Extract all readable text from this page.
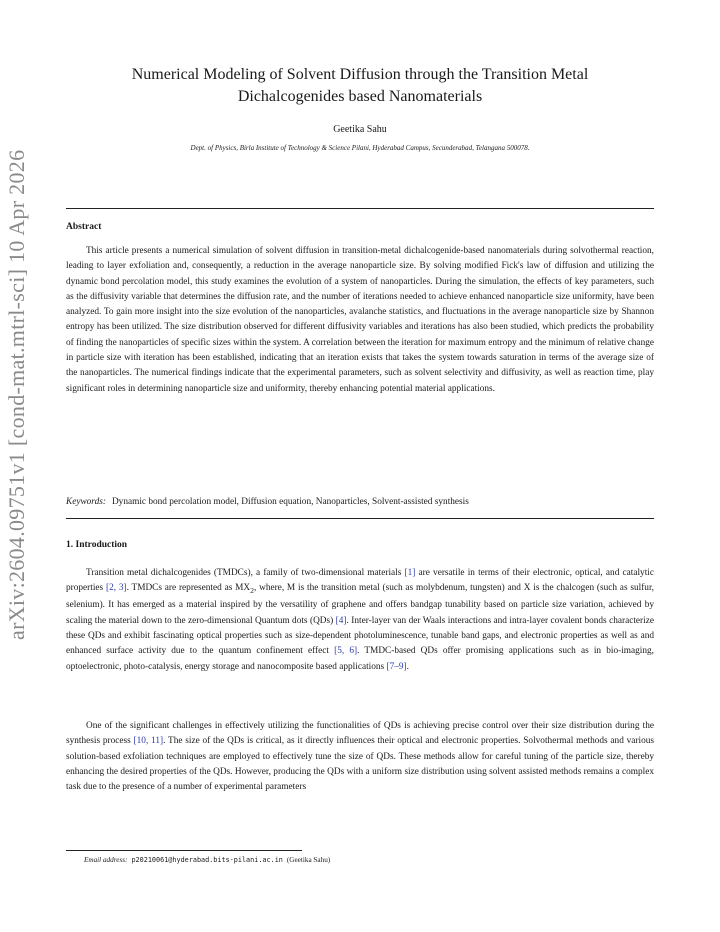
arXiv:2604.09751v1 [cond-mat.mtrl-sci] 10 Apr 2026
Numerical Modeling of Solvent Diffusion through the Transition Metal
Dichalcogenides based Nanomaterials
Geetika Sahu
Dept. of Physics, Birla Institute of Technology & Science Pilani, Hyderabad Campus, Secunderabad, Telangana 500078.
Abstract

This article presents a numerical simulation of solvent diffusion in transition-metal dichalcogenide-based nanomaterials during solvothermal reaction, leading to layer exfoliation and, consequently, a reduction in the average nanoparticle size. By solving modified Fick's law of diffusion and utilizing the dynamic bond percolation model, this study examines the evolution of a system of nanoparticles. During the simulation, the effects of key parameters, such as the diffusivity variable that determines the diffusion rate, and the number of iterations needed to achieve enhanced nanoparticle size uniformity, have been analyzed. To gain more insight into the size evolution of the nanoparticles, avalanche statistics, and fluctuations in the average nanoparticle size by Shannon entropy has been utilized. The size distribution observed for different diffusivity variables and iterations has also been studied, which predicts the probability of finding the nanoparticles of specific sizes within the system. A correlation between the iteration for maximum entropy and the minimum of relative change in particle size with iteration has been established, indicating that an iteration exists that takes the system towards saturation in terms of the average size of the nanoparticles. The numerical findings indicate that the experimental parameters, such as solvent selectivity and diffusivity, as well as reaction time, play significant roles in determining nanoparticle size and uniformity, thereby enhancing potential material applications.

Keywords: Dynamic bond percolation model, Diffusion equation, Nanoparticles, Solvent-assisted synthesis
1. Introduction

Transition metal dichalcogenides (TMDCs), a family of two-dimensional materials [1] are versatile in terms of their electronic, optical, and catalytic properties [2, 3]. TMDCs are represented as $MX_2$, where, M is the transition metal (such as molybdenum, tungsten) and X is the chalcogen (such as sulfur, selenium). It has emerged as a material inspired by the versatility of graphene and offers bandgap tunability based on particle size variation, achieved by scaling the material down to the zero-dimensional Quantum dots (QDs) [4]. Inter-layer van der Waals interactions and intra-layer covalent bonds characterize these QDs and exhibit fascinating optical properties such as size-dependent photoluminescence, tunable band gaps, and electronic properties as well as and enhanced surface activity due to the quantum confinement effect [5, 6]. TMDC-based QDs offer promising applications such as in bio-imaging, optoelectronic, photo-catalysis, energy storage and nanocomposite based applications [7–9].

One of the significant challenges in effectively utilizing the functionalities of QDs is achieving precise control over their size distribution during the synthesis process [10, 11]. The size of the QDs is critical, as it directly influences their optical and electronic properties. Solvothermal methods and various solution-based exfoliation techniques are employed to effectively tune the size of QDs. These methods allow for careful tuning of the particle size, thereby enhancing the desired properties of the QDs. However, producing the QDs with a uniform size distribution using solvent assisted methods remains a complex task due to the presence of a number of experimental parameters

Email address: p20210061@hyderabad.bits-pilani.ac.in (Geetika Sahu)
